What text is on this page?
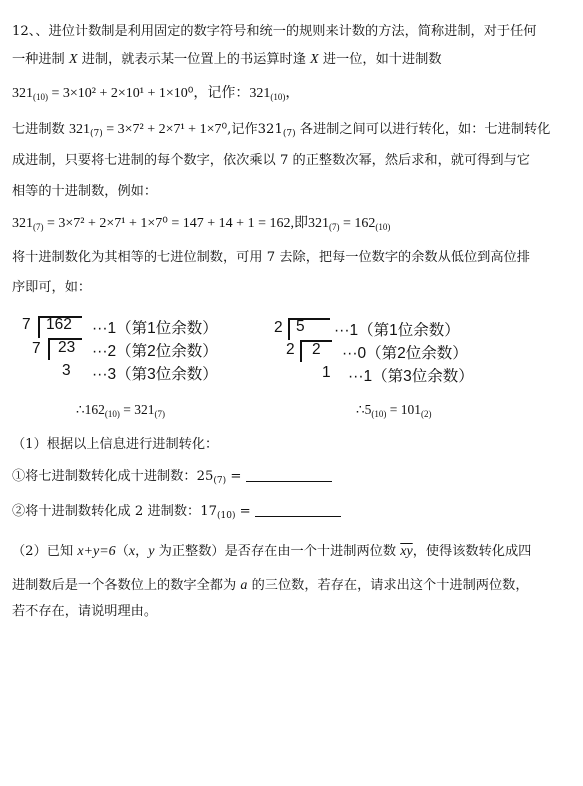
12、、进位计数制是利用固定的数字符号和统一的规则来计数的方法，简称进制，对于任何
一种进制 X 进制，就表示某一位置上的书运算时逢 X 进一位，如十进制数
$321_{(10)} = 3\times 10^2 + 2\times 10^1 + 1\times 10^0$，记作：$321_{(10)}$，
七进制数 $321_{(7)} = 3\times 7^2 + 2\times 7^1 + 1\times 7^0$,记作$321_{(7)}$ 各进制之间可以进行转化，如：七进制转化
成进制，只要将七进制的每个数字，依次乘以 7 的正整数次幂，然后求和，就可得到与它
相等的十进制数，例如：
$321_{(7)} = 3\times 7^2 + 2\times 7^1 + 1\times 7^0 = 147 + 14 + 1 = 162$,即$321_{(7)} = 162_{(10)}$
将十进制数化为其相等的七进位制数，可用 7 去除，把每一位数字的余数从低位到高位排
序即可，如：
7 162 ···1（第1位余数）
7 23 ···2（第2位余数）
3 ···3（第3位余数）
$\therefore 162_{(10)} = 321_{(7)}$
2 5 ···1（第1位余数）
2 2 ···0（第2位余数）
1 ···1（第3位余数）
$\therefore 5_{(10)} = 101_{(2)}$
（1）根据以上信息进行进制转化：
①将七进制数转化成十进制数：$25_{(7)}$ =
②将十进制数转化成 2 进制数：$17_{(10)}$ =
（2）已知 x+y=6（x，y 为正整数）是否存在由一个十进制两位数 $\overline{xy}$，使得该数转化成四
进制数后是一个各数位上的数字全都为 a 的三位数，若存在，请求出这个十进制两位数，
若不存在，请说明理由。
